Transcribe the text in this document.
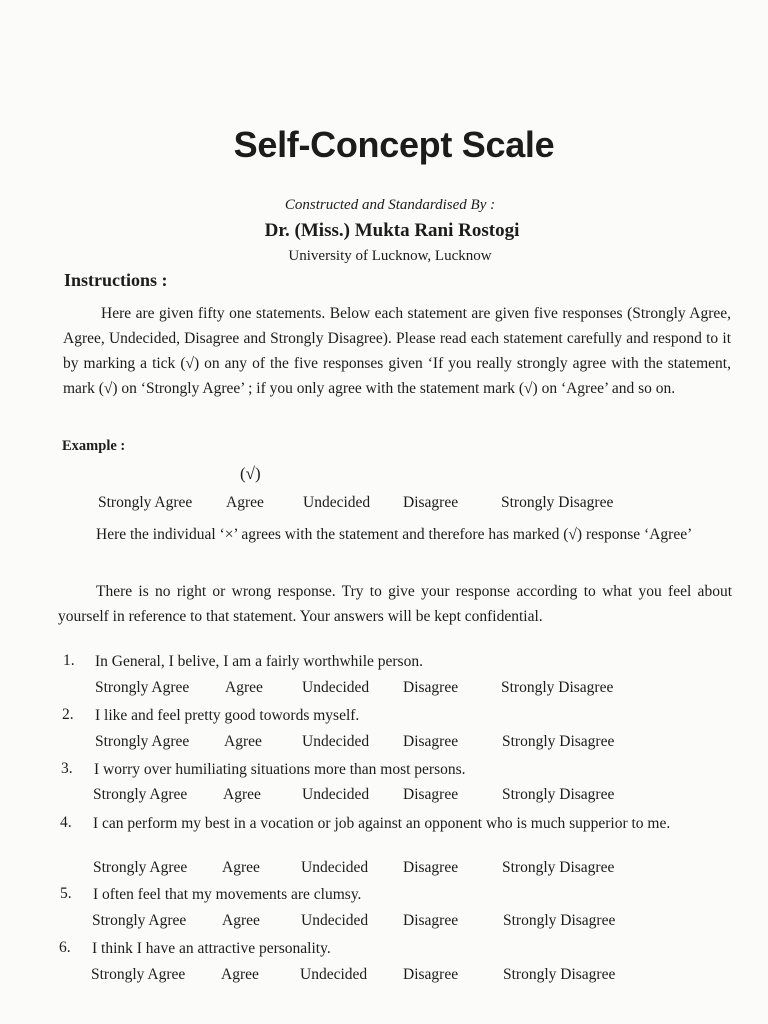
Self-Concept Scale
Constructed and Standardised By :
Dr. (Miss.) Mukta Rani Rostogi
University of Lucknow, Lucknow
Instructions :

Here are given fifty one statements. Below each statement are given five responses (Strongly Agree, Agree, Undecided, Disagree and Strongly Disagree). Please read each statement carefully and respond to it by marking a tick (√) on any of the five responses given ‘If you really strongly agree with the statement, mark (√) on ‘Strongly Agree’ ; if you only agree with the statement mark (√) on ‘Agree’ and so on.

Example :
(√)
Strongly Agree Agree	Undecided Disagree	Strongly Disagree

Here the individual ‘×’ agrees with the statement and therefore has marked (√) response ‘Agree’

There is no right or wrong response. Try to give your response according to what you feel about yourself in reference to that statement. Your answers will be kept confidential.

1. In General, I belive, I am a fairly worthwhile person.
Strongly Agree Agree	Undecided Disagree	Strongly Disagree
2. I like and feel pretty good towords myself.
Strongly Agree Agree	Undecided Disagree	Strongly Disagree
3. I worry over humiliating situations more than most persons.
Strongly Agree Agree	Undecided Disagree	Strongly Disagree
4. I can perform my best in a vocation or job against an opponent who is much supperior to me.
Strongly Agree Agree	Undecided Disagree	Strongly Disagree
5. I often feel that my movements are clumsy.
Strongly Agree Agree	Undecided Disagree	Strongly Disagree
6. I think I have an attractive personality.
Strongly Agree Agree	Undecided Disagree	Strongly Disagree
